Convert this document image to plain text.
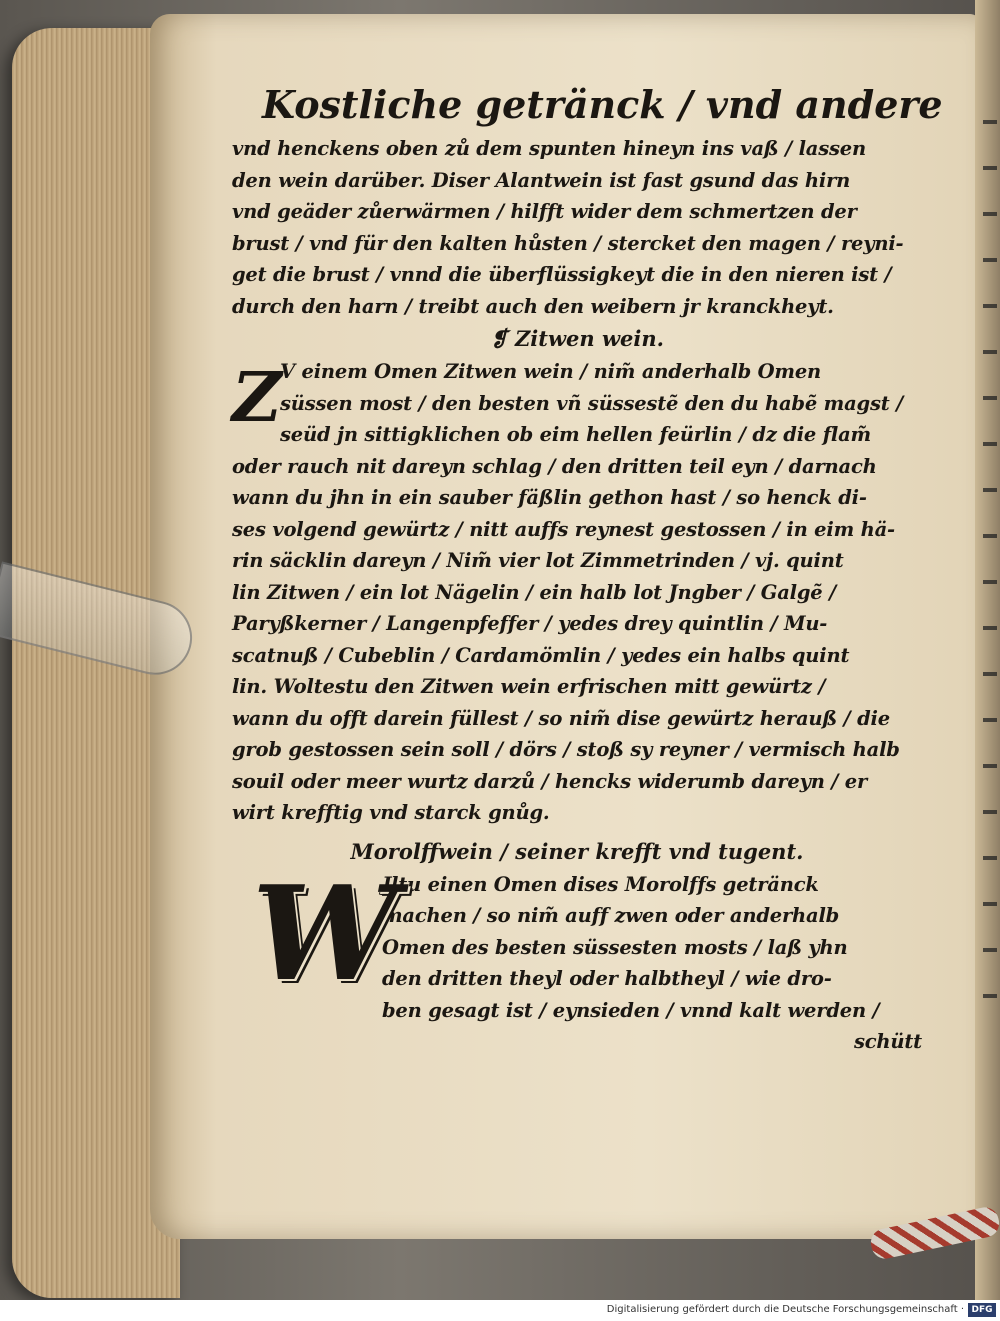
Kostliche getränck / vnd andere
vnd henckens oben zů dem spunten hineyn ins vaß / lassen
den wein darüber. Diser Alantwein ist fast gsund das hirn
vnd geäder zůerwärmen / hilfft wider dem schmertzen der
brust / vnd für den kalten hůsten / stercket den magen / reyni-
get die brust / vnnd die überflüssigkeyt die in den nieren ist /
durch den harn / treibt auch den weibern jr kranckheyt.
❡ Zitwen wein.
Z
V einem Omen Zitwen wein / nim̃ anderhalb Omen
süssen most / den besten vñ süssestẽ den du habẽ magst /
seüd jn sittigklichen ob eim hellen feürlin / dz die flam̃
oder rauch nit dareyn schlag / den dritten teil eyn / darnach
wann du jhn in ein sauber fäßlin gethon hast / so henck di-
ses volgend gewürtz / nitt auffs reynest gestossen / in eim hä-
rin säcklin dareyn / Nim̃ vier lot Zimmetrinden / vj. quint
lin Zitwen / ein lot Nägelin / ein halb lot Jngber / Galgẽ /
Paryßkerner / Langenpfeffer / yedes drey quintlin / Mu-
scatnuß / Cubeblin / Cardamömlin / yedes ein halbs quint
lin. Woltestu den Zitwen wein erfrischen mitt gewürtz /
wann du offt darein füllest / so nim̃ dise gewürtz herauß / die
grob gestossen sein soll / dörs / stoß sy reyner / vermisch halb
souil oder meer wurtz darzů / hencks widerumb dareyn / er
wirt krefftig vnd starck gnůg.
Morolffwein / seiner krefft vnd tugent.
W
Jltu einen Omen dises Morolffs getränck
machen / so nim̃ auff zwen oder anderhalb
Omen des besten süssesten mosts / laß yhn
den dritten theyl oder halbtheyl / wie dro-
ben gesagt ist / eynsieden / vnnd kalt werden /
schütt
Digitalisierung gefördert durch die Deutsche Forschungsgemeinschaft · DFG
